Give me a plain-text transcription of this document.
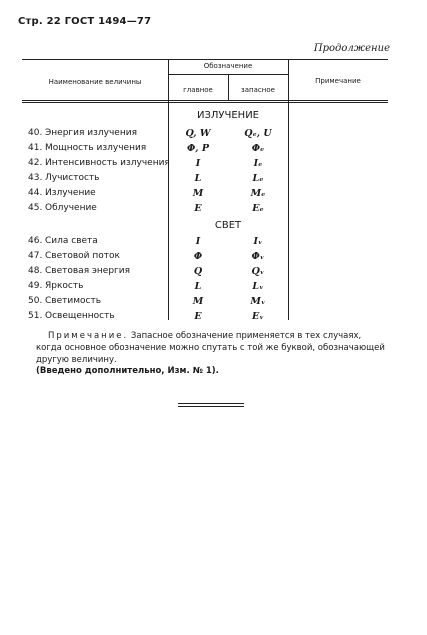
Стр. 22 ГОСТ 1494—77
Продолжение
Наименование величины
Обозначение
главное	запасное
Примечание
ИЗЛУЧЕНИЕ
40. Энергия излучения	Q, W	Qₑ, U
41. Мощность излучения	Φ, P	Φₑ
42. Интенсивность излучения	I	Iₑ
43. Лучистость	L	Lₑ
44. Излучение	M	Mₑ
45. Облучение	E	Eₑ
СВЕТ
46. Сила света	I	Iᵥ
47. Световой поток	Φ	Φᵥ
48. Световая энергия	Q	Qᵥ
49. Яркость	L	Lᵥ
50. Светимость	M	Mᵥ
51. Освещенность	E	Eᵥ
Примечание. Запасное обозначение применяется в тех случаях, когда основное обозначение можно спутать с той же буквой, обозначающей другую величину.
(Введено дополнительно, Изм. № 1).
